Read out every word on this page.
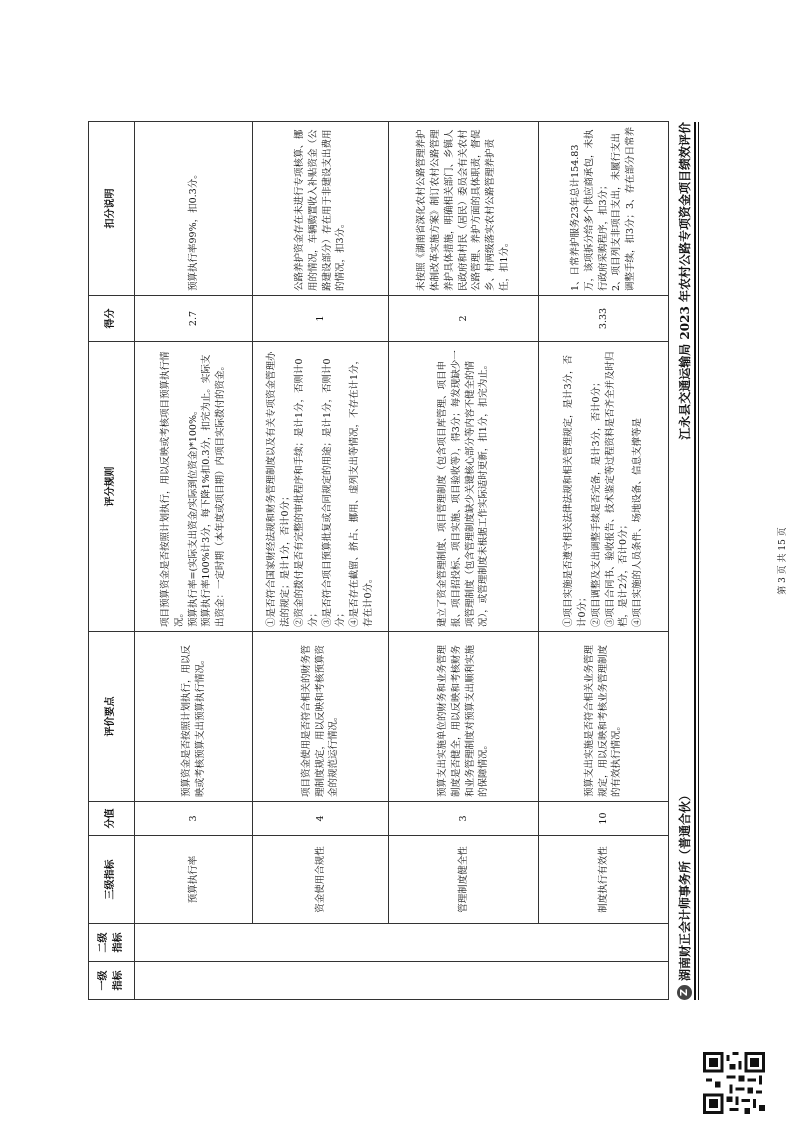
Z
湖南财正会计师事务所（普通合伙）
江永县交通运输局 2023 年农村公路专项资金项目绩效评价
一级
指标	二级
指标	三级指标	分值	评价要点	评分规则	得分	扣分说明
		预算执行率	3	预算资金是否按照计划执行，用以反映或考核预算支出预算执行情况。	项目预算资金是否按照计划执行，用以反映或考核项目预算执行情况。
预算执行率=(实际支出资金/实际到位资金)*100%。
预算执行率100%计3分，每下降1%扣0.3分，扣完为止。实际支出资金：一定时期（本年度或项目期）内项目实际拨付的资金。	2.7	预算执行率99%，扣0.3分。
		资金使用合规性	4	项目资金使用是否符合相关的财务管理制度规定，用以反映和考核预算资金的规范运行情况。	①是否符合国家财经法规和财务管理制度以及有关专项资金管理办法的规定；是计1分，否计0分；
②资金的拨付是否有完整的审批程序和手续；是计1分，否则计0分；
③是否符合项目预算批复或合同规定的用途；是计1分，否则计0分；
④是否存在截留、挤占、挪用、虚列支出等情况，不存在计1分，存在计0分。	1	公路养护资金存在未进行专项核算、挪用的情况，车辆购置收入补贴资金（公路建设部分）存在用于非建设支出费用的情况，扣3分。
		管理制度健全性	3	预算支出实施单位的财务和业务管理制度是否健全，用以反映和考核财务和业务管理制度对预算支出顺利实施的保障情况。	建立了资金管理制度、项目管理制度（包含项目库管理、项目申报、项目招投标、项目实施、项目验收等），得3分；每发现缺少一项管理制度（包含管理制度缺少关键核心部分等内容不健全的情况），或管理制度未根据工作实际适时更新，扣1分，扣完为止。	2	未按照《湖南省深化农村公路管理养护体制改革实施方案》制订农村公路管理养护具体措施，明确相关部门、乡镇人民政府和村民（居民）委员会有关农村公路管理、养护方面的具体职责，督促乡、村两级落实农村公路管理养护责任，扣1分。
		制度执行有效性	10	预算支出实施是否符合相关业务管理规定，用以反映和考核业务管理制度的有效执行情况。	①项目实施是否遵守相关法律法规和相关管理规定，是计3分，否计0分；
②项目调整及支出调整手续是否完备，是计3分，否计0分；
③项目合同书、验收报告、技术鉴定等过程资料是否齐全并及时归档，是计2分，否计0分；
④项目实施的人员条件、场地设备、信息支撑等是	3.33	1、日常养护服务23年总计154.83万，该项拆分给多个供应商承包，未执行政府采购程序，扣3分；
2、项目列支非项目支出，未履行支出调整手续，扣3分；3、存在部分日常养
第 3 页 共 15 页
